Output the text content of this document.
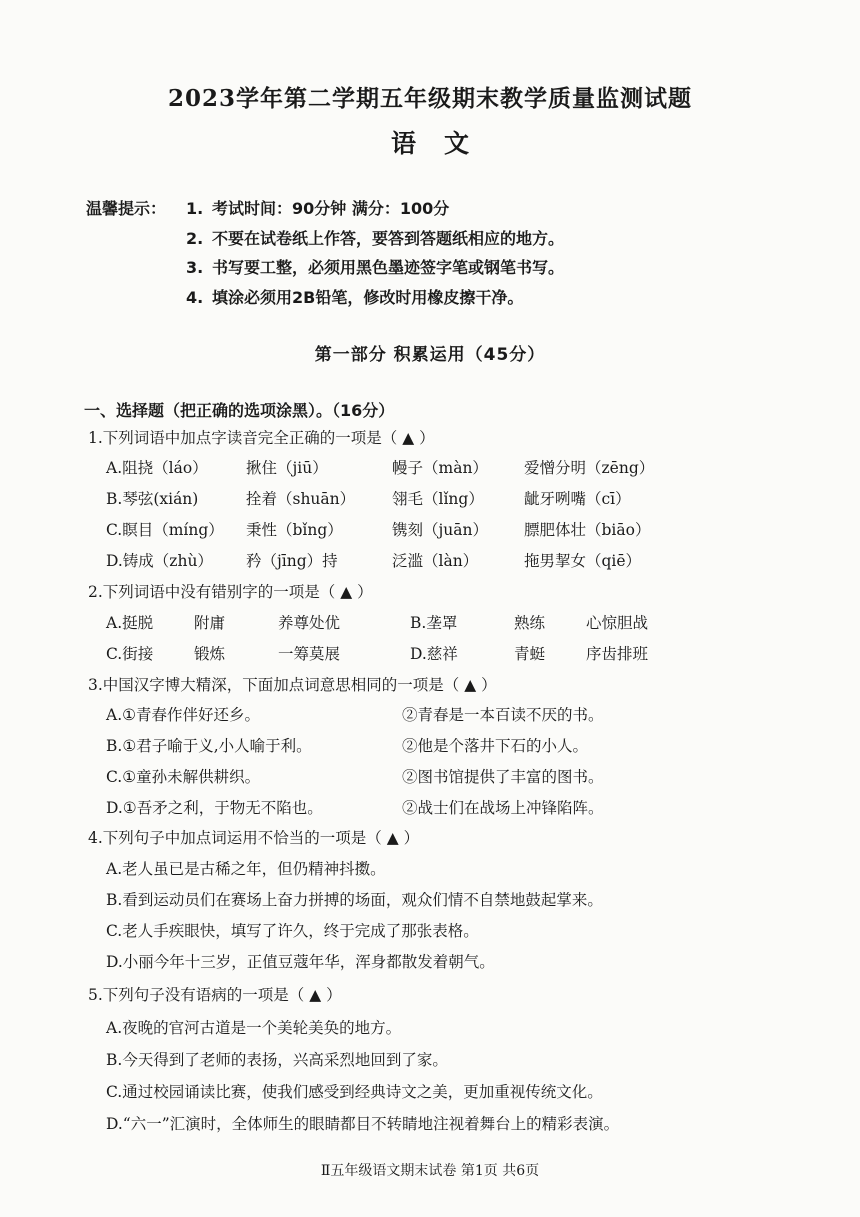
2023学年第二学期五年级期末教学质量监测试题
语文
温馨提示： 1. 考试时间：90分钟 满分：100分
2. 不要在试卷纸上作答，要答到答题纸相应的地方。
3. 书写要工整，必须用黑色墨迹签字笔或钢笔书写。
4. 填涂必须用2B铅笔，修改时用橡皮擦干净。
第一部分 积累运用（45分）
一、选择题（把正确的选项涂黑）。（16分）
1.下列词语中加点字读音完全正确的一项是（ ▲ ）
A.阻挠（láo） 揪住（jiū）	幔子（màn） 爱憎分明（zēng）
B.琴弦(xián)	拴着（shuān） 翎毛（lǐng）	龇牙咧嘴（cī）
C.瞑目（míng） 秉性（bǐng）	镌刻（juān） 膘肥体壮（biāo）
D.铸成（zhù） 矜（jīng）持	泛滥（làn）	拖男挈女（qiē）
2.下列词语中没有错别字的一项是（ ▲ ）
A.挺脱	附庸	养尊处优	B.垄罩	熟练	心惊胆战
C.街接	锻炼	一筹莫展	D.慈祥	青蜓	序齿排班
3.中国汉字博大精深，下面加点词意思相同的一项是（ ▲ ）
A.①青春作伴好还乡。	②青春是一本百读不厌的书。
B.①君子喻于义,小人喻于利。	②他是个落井下石的小人。
C.①童孙未解供耕织。	②图书馆提供了丰富的图书。
D.①吾矛之利，于物无不陷也。	②战士们在战场上冲锋陷阵。
4.下列句子中加点词运用不恰当的一项是（ ▲ ）
A.老人虽已是古稀之年，但仍精神抖擞。
B.看到运动员们在赛场上奋力拼搏的场面，观众们情不自禁地鼓起掌来。
C.老人手疾眼快，填写了许久，终于完成了那张表格。
D.小丽今年十三岁，正值豆蔻年华，浑身都散发着朝气。
5.下列句子没有语病的一项是（ ▲ ）
A.夜晚的官河古道是一个美轮美奂的地方。
B.今天得到了老师的表扬，兴高采烈地回到了家。
C.通过校园诵读比赛，使我们感受到经典诗文之美，更加重视传统文化。
D.“六一”汇演时，全体师生的眼睛都目不转睛地注视着舞台上的精彩表演。
Ⅱ五年级语文期末试卷 第1页 共6页
